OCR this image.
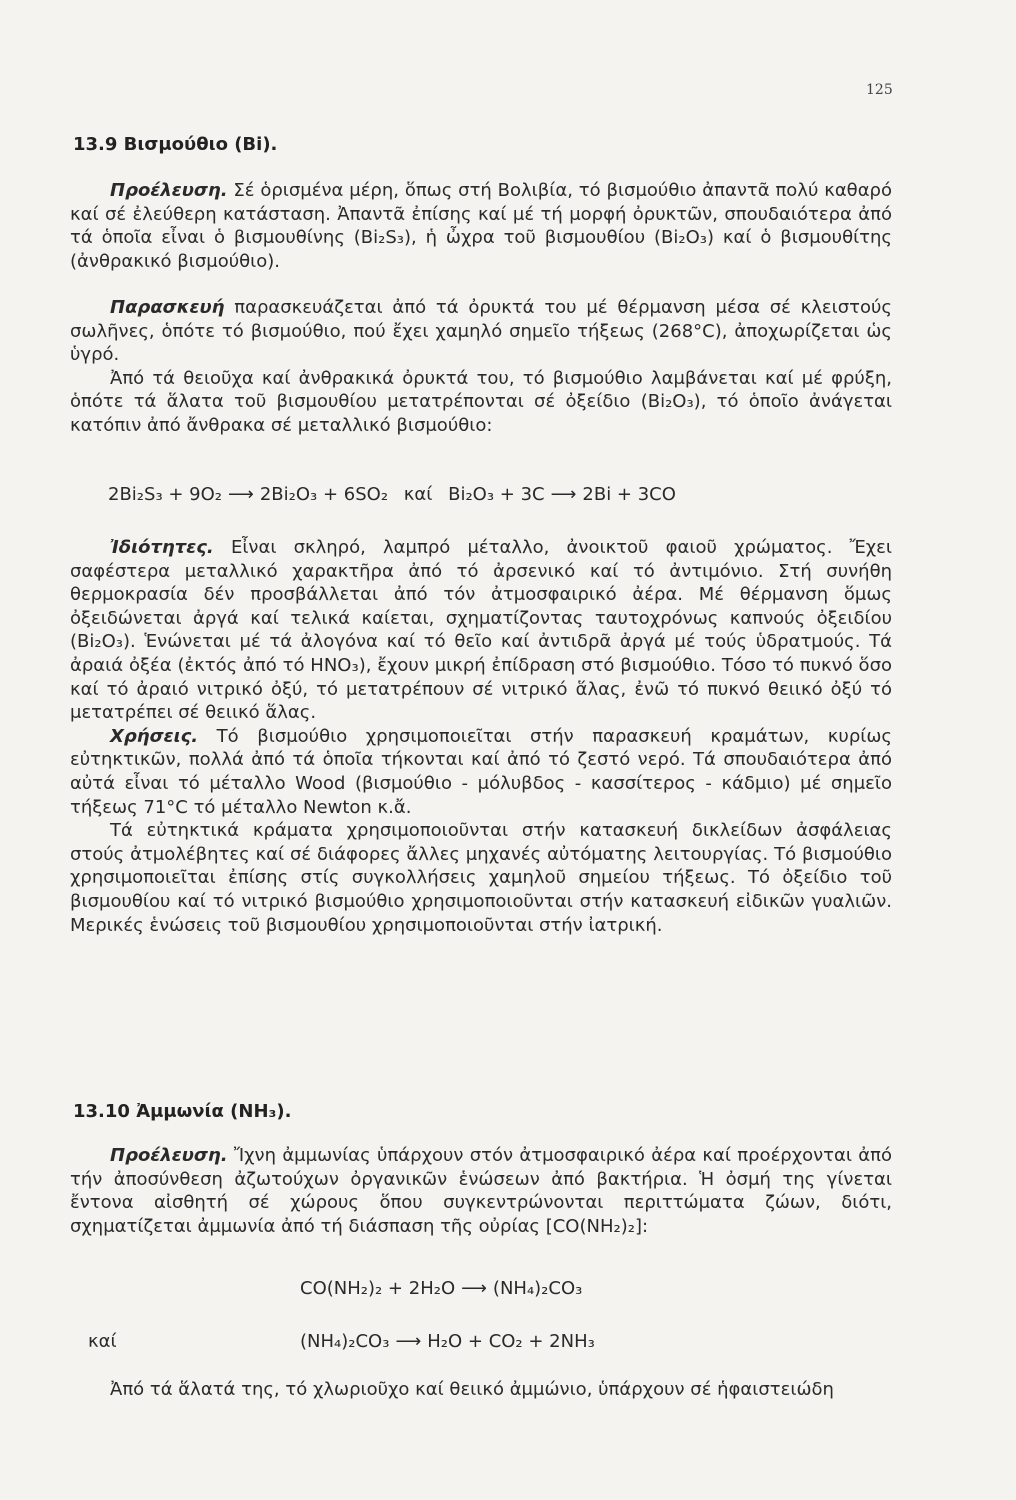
125
13.9 Βισμούθιο (Bi).

Προέλευση. Σέ ὁρισμένα μέρη, ὅπως στή Βολιβία, τό βισμούθιο ἀπαντᾶ πολύ καθαρό καί σέ ἐλεύθερη κατάσταση. Ἀπαντᾶ ἐπίσης καί μέ τή μορφή ὀρυκτῶν, σπουδαιότερα ἀπό τά ὁποῖα εἶναι ὁ βισμουθίνης (Bi₂S₃), ἡ ὦχρα τοῦ βισμουθίου (Bi₂O₃) καί ὁ βισμουθίτης (ἀνθρακικό βισμούθιο).

Παρασκευή παρασκευάζεται ἀπό τά ὀρυκτά του μέ θέρμανση μέσα σέ κλειστούς σωλῆνες, ὁπότε τό βισμούθιο, πού ἔχει χαμηλό σημεῖο τήξεως (268°C), ἀποχωρίζεται ὡς ὑγρό.

Ἀπό τά θειοῦχα καί ἀνθρακικά ὀρυκτά του, τό βισμούθιο λαμβάνεται καί μέ φρύξη, ὁπότε τά ἅλατα τοῦ βισμουθίου μετατρέπονται σέ ὀξείδιο (Bi₂O₃), τό ὁποῖο ἀνάγεται κατόπιν ἀπό ἄνθρακα σέ μεταλλικό βισμούθιο:

2Bi₂S₃ + 9O₂ ⟶ 2Bi₂O₃ + 6SO₂ καί Bi₂O₃ + 3C ⟶ 2Bi + 3CO

Ἰδιότητες. Εἶναι σκληρό, λαμπρό μέταλλο, ἀνοικτοῦ φαιοῦ χρώματος. Ἔχει σαφέστερα μεταλλικό χαρακτῆρα ἀπό τό ἀρσενικό καί τό ἀντιμόνιο. Στή συνήθη θερμοκρασία δέν προσβάλλεται ἀπό τόν ἀτμοσφαιρικό ἀέρα. Μέ θέρμανση ὅμως ὀξειδώνεται ἀργά καί τελικά καίεται, σχηματίζοντας ταυτοχρόνως καπνούς ὀξειδίου (Bi₂O₃). Ἑνώνεται μέ τά ἀλογόνα καί τό θεῖο καί ἀντιδρᾶ ἀργά μέ τούς ὑδρατμούς. Τά ἀραιά ὀξέα (ἐκτός ἀπό τό HNO₃), ἔχουν μικρή ἐπίδραση στό βισμούθιο. Τόσο τό πυκνό ὅσο καί τό ἀραιό νιτρικό ὀξύ, τό μετατρέπουν σέ νιτρικό ἅλας, ἐνῶ τό πυκνό θειικό ὀξύ τό μετατρέπει σέ θειικό ἅλας.

Χρήσεις. Τό βισμούθιο χρησιμοποιεῖται στήν παρασκευή κραμάτων, κυρίως εὐτηκτικῶν, πολλά ἀπό τά ὁποῖα τήκονται καί ἀπό τό ζεστό νερό. Τά σπουδαιότερα ἀπό αὐτά εἶναι τό μέταλλο Wood (βισμούθιο - μόλυβδος - κασσίτερος - κάδμιο) μέ σημεῖο τήξεως 71°C τό μέταλλο Newton κ.ἄ.

Τά εὐτηκτικά κράματα χρησιμοποιοῦνται στήν κατασκευή δικλείδων ἀσφάλειας στούς ἀτμολέβητες καί σέ διάφορες ἄλλες μηχανές αὐτόματης λειτουργίας. Τό βισμούθιο χρησιμοποιεῖται ἐπίσης στίς συγκολλήσεις χαμηλοῦ σημείου τήξεως. Τό ὀξείδιο τοῦ βισμουθίου καί τό νιτρικό βισμούθιο χρησιμοποιοῦνται στήν κατασκευή εἰδικῶν γυαλιῶν. Μερικές ἑνώσεις τοῦ βισμουθίου χρησιμοποιοῦνται στήν ἰατρική.

13.10 Ἀμμωνία (NH₃).

Προέλευση. Ἴχνη ἀμμωνίας ὑπάρχουν στόν ἀτμοσφαιρικό ἀέρα καί προέρχονται ἀπό τήν ἀποσύνθεση ἀζωτούχων ὀργανικῶν ἑνώσεων ἀπό βακτήρια. Ἡ ὀσμή της γίνεται ἔντονα αἰσθητή σέ χώρους ὅπου συγκεντρώνονται περιττώματα ζώων, διότι, σχηματίζεται ἀμμωνία ἀπό τή διάσπαση τῆς οὐρίας [CO(NH₂)₂]:

CO(NH₂)₂ + 2H₂O ⟶ (NH₄)₂CO₃
καί	(NH₄)₂CO₃ ⟶ H₂O + CO₂ + 2NH₃

Ἀπό τά ἅλατά της, τό χλωριοῦχο καί θειικό ἀμμώνιο, ὑπάρχουν σέ ἡφαιστειώδη
